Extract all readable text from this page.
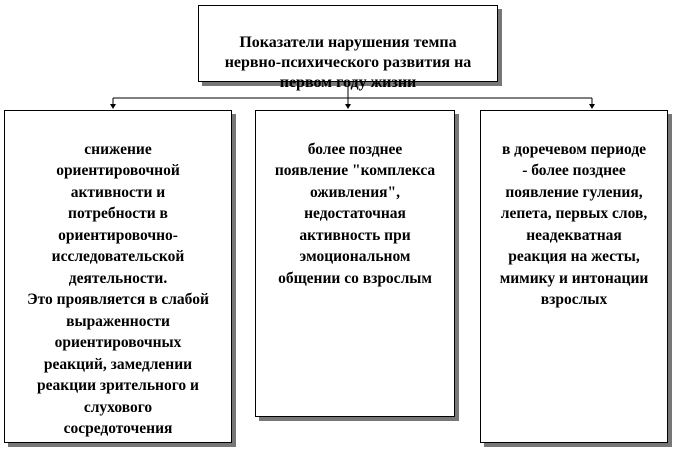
Показатели нарушения темпа
нервно-психического развития на
первом году жизни

снижение
ориентировочной
активности и
потребности в
ориентировочно-
исследовательской
деятельности.
Это проявляется в слабой
выраженности
ориентировочных
реакций, замедлении
реакции зрительного и
слухового
сосредоточения

более позднее
появление "комплекса
оживления",
недостаточная
активность при
эмоциональном
общении со взрослым

в доречевом периоде
- более позднее
появление гуления,
лепета, первых слов,
неадекватная
реакция на жесты,
мимику и интонации
взрослых
